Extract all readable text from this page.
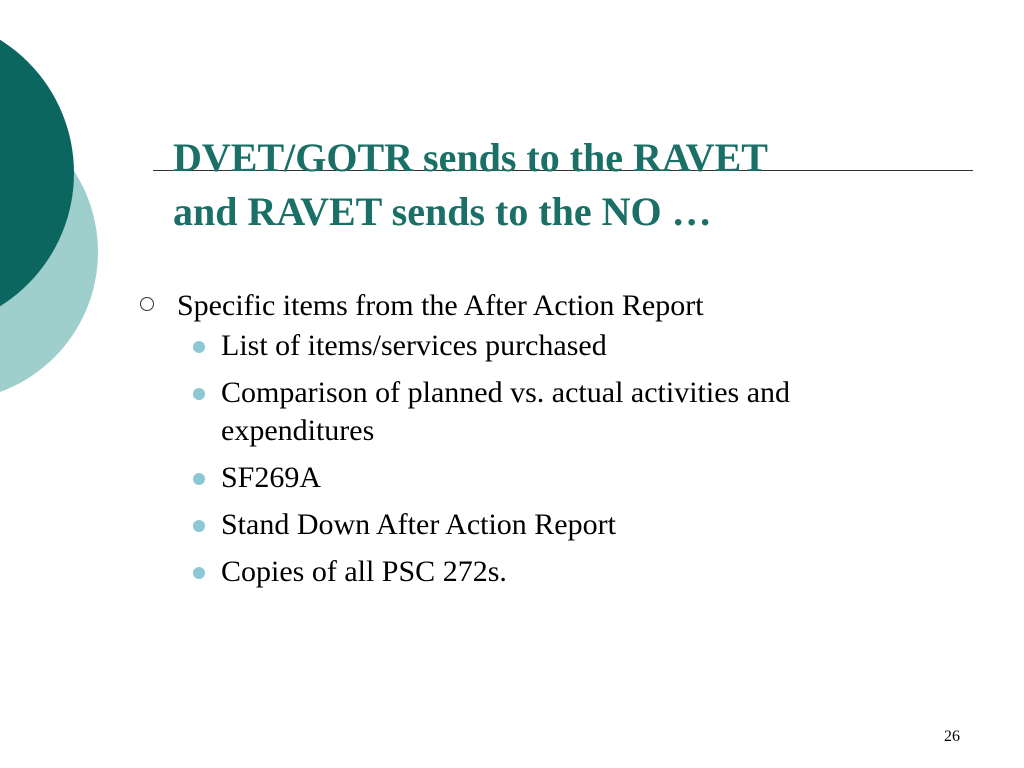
DVET/GOTR sends to the RAVET
and RAVET sends to the NO …
Specific items from the After Action Report
List of items/services purchased
Comparison of planned vs. actual activities and expenditures
SF269A
Stand Down After Action Report
Copies of all PSC 272s.
26
